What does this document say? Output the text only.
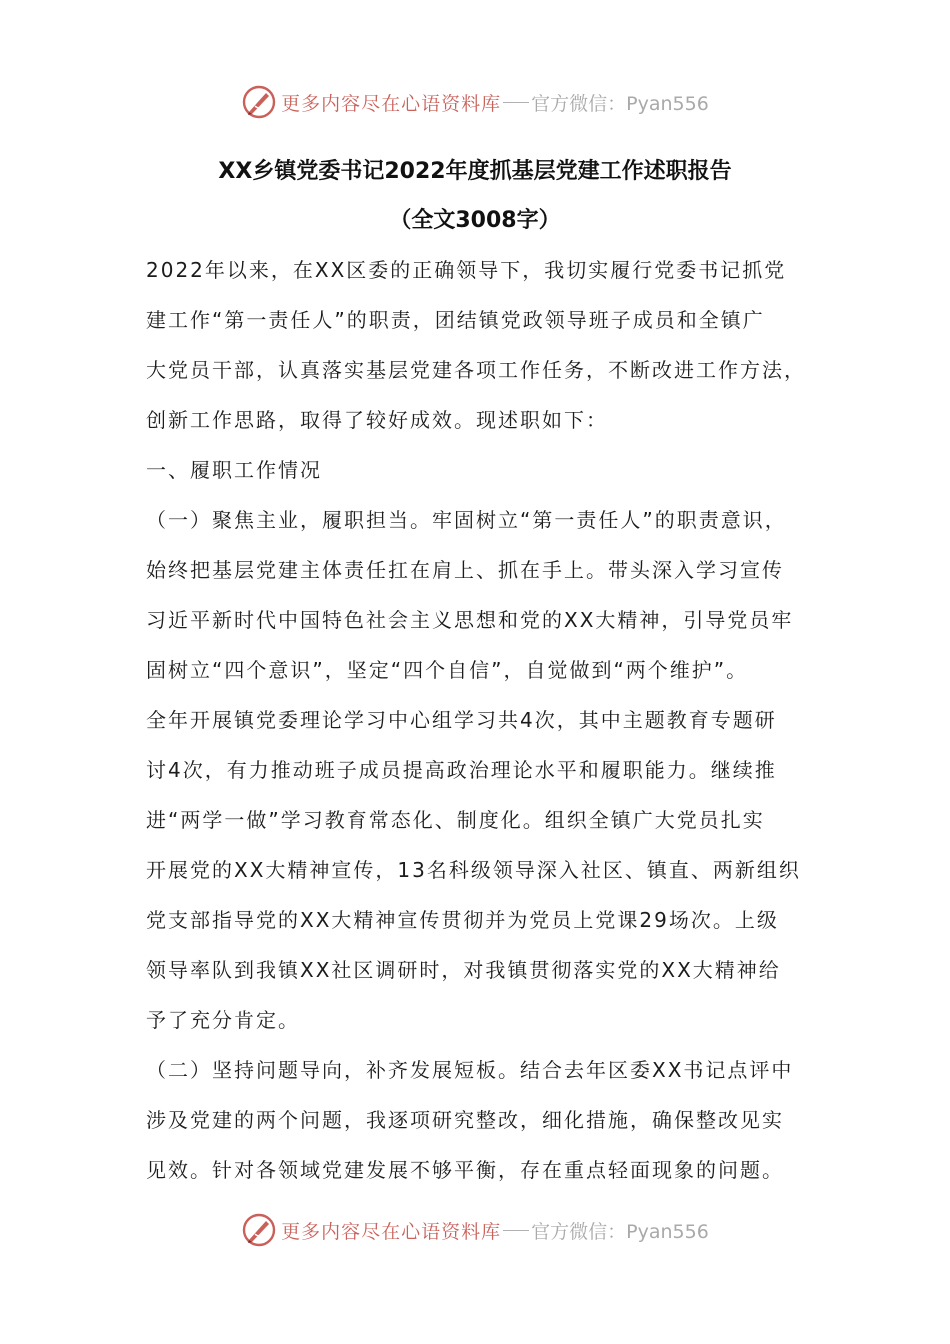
更多内容尽在心语资料库 官方微信：Pyan556
XX乡镇党委书记2022年度抓基层党建工作述职报告
（全文3008字）
2022年以来，在XX区委的正确领导下，我切实履行党委书记抓党
建工作“第一责任人”的职责，团结镇党政领导班子成员和全镇广
大党员干部，认真落实基层党建各项工作任务，不断改进工作方法，
创新工作思路，取得了较好成效。现述职如下：
一、履职工作情况
（一）聚焦主业，履职担当。牢固树立“第一责任人”的职责意识，
始终把基层党建主体责任扛在肩上、抓在手上。带头深入学习宣传
习近平新时代中国特色社会主义思想和党的XX大精神，引导党员牢
固树立“四个意识”，坚定“四个自信”，自觉做到“两个维护”。
全年开展镇党委理论学习中心组学习共4次，其中主题教育专题研
讨4次，有力推动班子成员提高政治理论水平和履职能力。继续推
进“两学一做”学习教育常态化、制度化。组织全镇广大党员扎实
开展党的XX大精神宣传，13名科级领导深入社区、镇直、两新组织
党支部指导党的XX大精神宣传贯彻并为党员上党课29场次。上级
领导率队到我镇XX社区调研时，对我镇贯彻落实党的XX大精神给
予了充分肯定。
（二）坚持问题导向，补齐发展短板。结合去年区委XX书记点评中
涉及党建的两个问题，我逐项研究整改，细化措施，确保整改见实
见效。针对各领域党建发展不够平衡，存在重点轻面现象的问题。
更多内容尽在心语资料库 官方微信：Pyan556
